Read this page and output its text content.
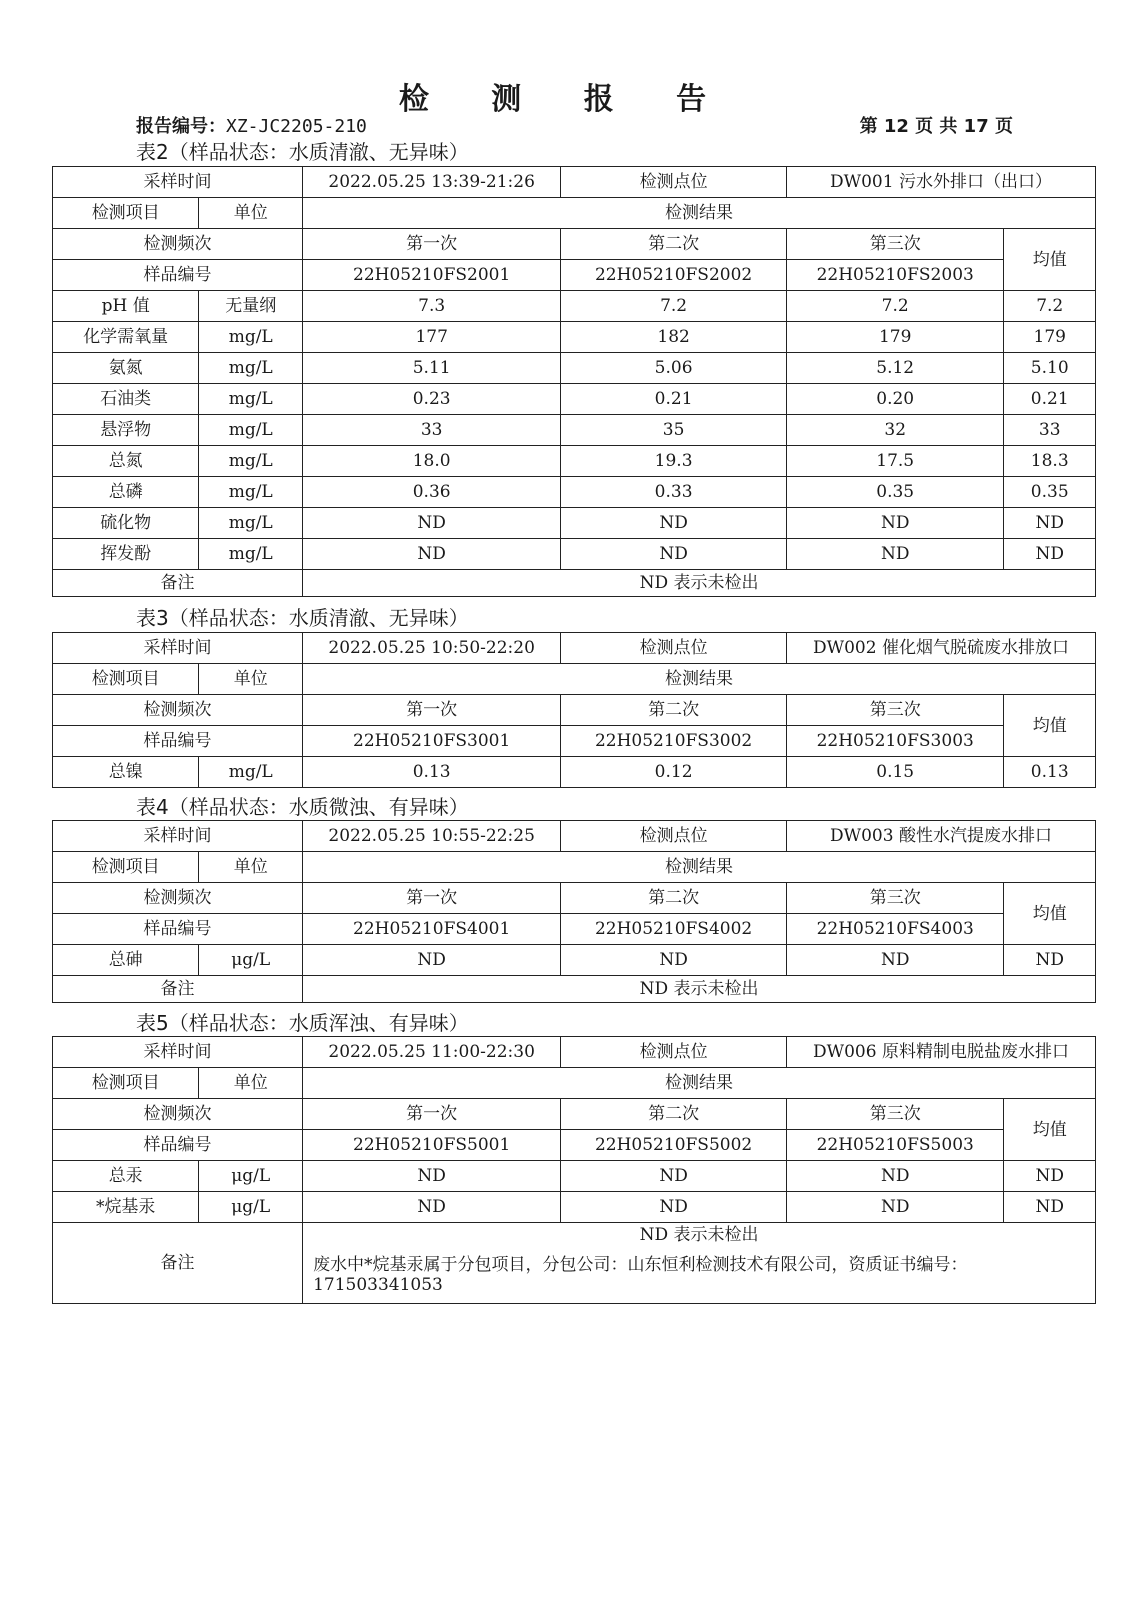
检 测 报 告
报告编号：XZ-JC2205-210	第 12 页 共 17 页
表2（样品状态：水质清澈、无异味）
采样时间		2022.05.25 13:39-21:26	检测点位	DW001 污水外排口（出口）	
检测项目	单位	检测结果			
检测频次		第一次	第二次	第三次	均值
样品编号		22H05210FS2001	22H05210FS2002	22H05210FS2003	
pH 值	无量纲	7.3	7.2	7.2	7.2
化学需氧量	mg/L	177	182	179	179
氨氮	mg/L	5.11	5.06	5.12	5.10
石油类	mg/L	0.23	0.21	0.20	0.21
悬浮物	mg/L	33	35	32	33
总氮	mg/L	18.0	19.3	17.5	18.3
总磷	mg/L	0.36	0.33	0.35	0.35
硫化物	mg/L	ND	ND	ND	ND
挥发酚	mg/L	ND	ND	ND	ND
备注		ND 表示未检出			
表3（样品状态：水质清澈、无异味）
采样时间		2022.05.25 10:50-22:20	检测点位	DW002 催化烟气脱硫废水排放口	
检测项目	单位	检测结果			
检测频次		第一次	第二次	第三次	均值
样品编号		22H05210FS3001	22H05210FS3002	22H05210FS3003	
总镍	mg/L	0.13	0.12	0.15	0.13
表4（样品状态：水质微浊、有异味）
采样时间		2022.05.25 10:55-22:25	检测点位	DW003 酸性水汽提废水排口	
检测项目	单位	检测结果			
检测频次		第一次	第二次	第三次	均值
样品编号		22H05210FS4001	22H05210FS4002	22H05210FS4003	
总砷	μg/L	ND	ND	ND	ND
备注		ND 表示未检出			
表5（样品状态：水质浑浊、有异味）
采样时间		2022.05.25 11:00-22:30	检测点位	DW006 原料精制电脱盐废水排口	
检测项目	单位	检测结果			
检测频次		第一次	第二次	第三次	均值
样品编号		22H05210FS5001	22H05210FS5002	22H05210FS5003	
总汞	μg/L	ND	ND	ND	ND
*烷基汞	μg/L	ND	ND	ND	ND
备注		ND 表示未检出			
		废水中*烷基汞属于分包项目，分包公司：山东恒利检测技术有限公司，资质证书编号：171503341053			
